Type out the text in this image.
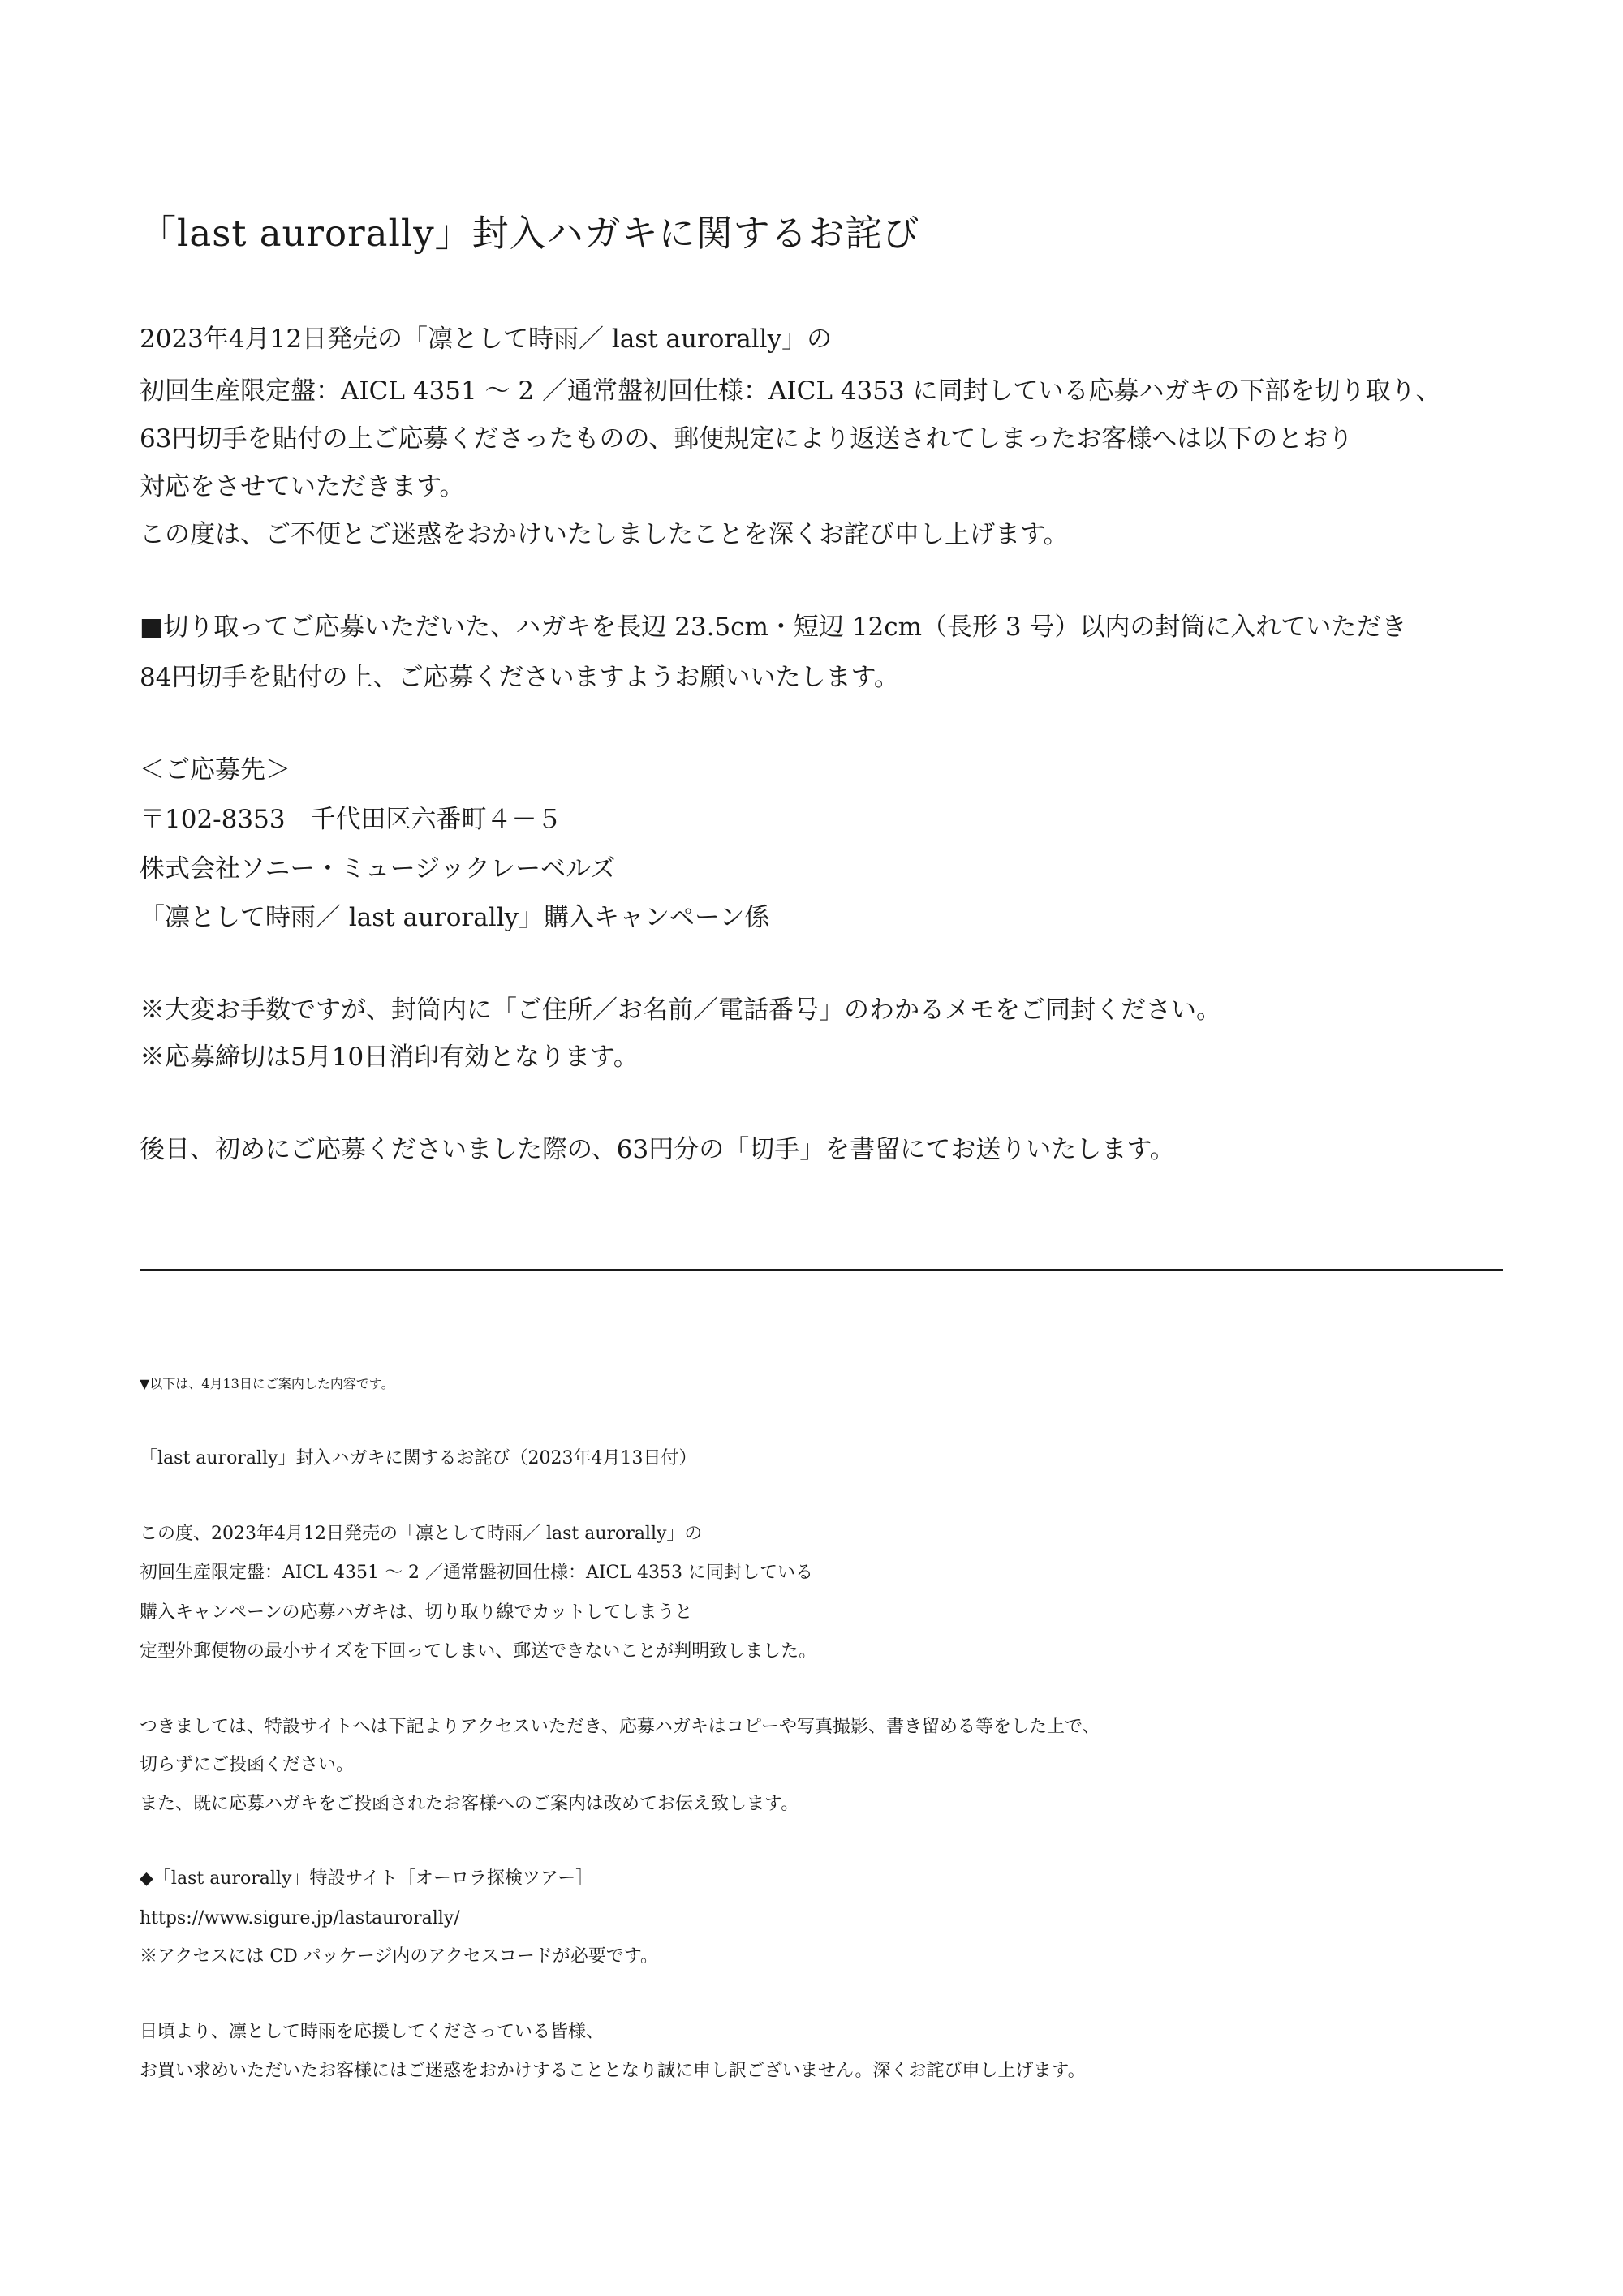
「last aurorally」封入ハガキに関するお詫び
2023年4月12日発売の「凛として時雨／ last aurorally」の
初回生産限定盤：AICL 4351 〜 2 ／通常盤初回仕様：AICL 4353 に同封している応募ハガキの下部を切り取り、
63円切手を貼付の上ご応募くださったものの、郵便規定により返送されてしまったお客様へは以下のとおり
対応をさせていただきます。
この度は、ご不便とご迷惑をおかけいたしましたことを深くお詫び申し上げます。
■切り取ってご応募いただいた、ハガキを長辺 23.5cm・短辺 12cm（長形 3 号）以内の封筒に入れていただき
84円切手を貼付の上、ご応募くださいますようお願いいたします。
＜ご応募先＞
〒102-8353　千代田区六番町４－５
株式会社ソニー・ミュージックレーベルズ
「凛として時雨／ last aurorally」購入キャンペーン係
※大変お手数ですが、封筒内に「ご住所／お名前／電話番号」のわかるメモをご同封ください。
※応募締切は5月10日消印有効となります。
後日、初めにご応募くださいました際の、63円分の「切手」を書留にてお送りいたします。
▼以下は、4月13日にご案内した内容です。
「last aurorally」封入ハガキに関するお詫び（2023年4月13日付）
この度、2023年4月12日発売の「凛として時雨／ last aurorally」の
初回生産限定盤：AICL 4351 〜 2 ／通常盤初回仕様：AICL 4353 に同封している
購入キャンペーンの応募ハガキは、切り取り線でカットしてしまうと
定型外郵便物の最小サイズを下回ってしまい、郵送できないことが判明致しました。
つきましては、特設サイトへは下記よりアクセスいただき、応募ハガキはコピーや写真撮影、書き留める等をした上で、
切らずにご投函ください。
また、既に応募ハガキをご投函されたお客様へのご案内は改めてお伝え致します。
◆「last aurorally」特設サイト［オーロラ探検ツアー］
https://www.sigure.jp/lastaurorally/
※アクセスには CD パッケージ内のアクセスコードが必要です。
日頃より、凛として時雨を応援してくださっている皆様、
お買い求めいただいたお客様にはご迷惑をおかけすることとなり誠に申し訳ございません。深くお詫び申し上げます。
